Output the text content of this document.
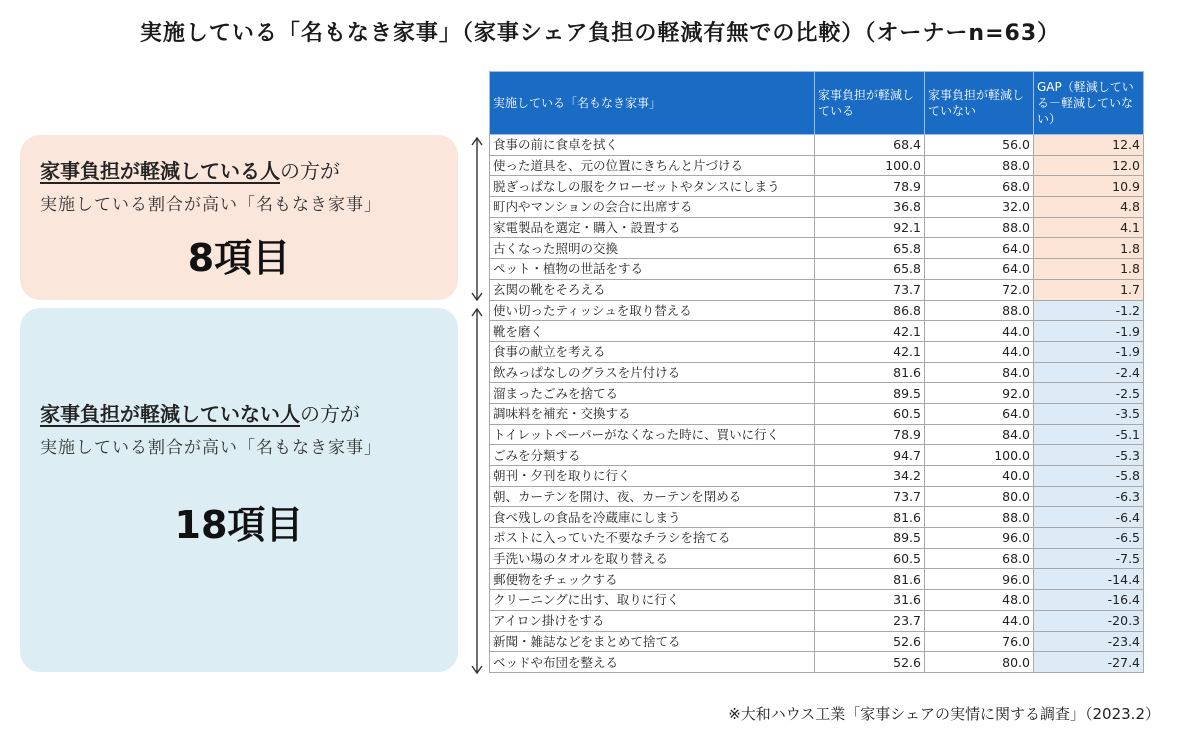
実施している「名もなき家事」（家事シェア負担の軽減有無での比較）（オーナーn=63）
家事負担が軽減している人の方が
実施している割合が高い「名もなき家事」
8項目
家事負担が軽減していない人の方が
実施している割合が高い「名もなき家事」
18項目
実施している「名もなき家事」	家事負担が軽減している	家事負担が軽減していない	GAP（軽減している－軽減していない）
食事の前に食卓を拭く	68.4	56.0	12.4
使った道具を、元の位置にきちんと片づける	100.0	88.0	12.0
脱ぎっぱなしの服をクローゼットやタンスにしまう	78.9	68.0	10.9
町内やマンションの会合に出席する	36.8	32.0	4.8
家電製品を選定・購入・設置する	92.1	88.0	4.1
古くなった照明の交換	65.8	64.0	1.8
ペット・植物の世話をする	65.8	64.0	1.8
玄関の靴をそろえる	73.7	72.0	1.7
使い切ったティッシュを取り替える	86.8	88.0	-1.2
靴を磨く	42.1	44.0	-1.9
食事の献立を考える	42.1	44.0	-1.9
飲みっぱなしのグラスを片付ける	81.6	84.0	-2.4
溜まったごみを捨てる	89.5	92.0	-2.5
調味料を補充・交換する	60.5	64.0	-3.5
トイレットペーパーがなくなった時に、買いに行く	78.9	84.0	-5.1
ごみを分類する	94.7	100.0	-5.3
朝刊・夕刊を取りに行く	34.2	40.0	-5.8
朝、カーテンを開け、夜、カーテンを閉める	73.7	80.0	-6.3
食べ残しの食品を冷蔵庫にしまう	81.6	88.0	-6.4
ポストに入っていた不要なチラシを捨てる	89.5	96.0	-6.5
手洗い場のタオルを取り替える	60.5	68.0	-7.5
郵便物をチェックする	81.6	96.0	-14.4
クリーニングに出す、取りに行く	31.6	48.0	-16.4
アイロン掛けをする	23.7	44.0	-20.3
新聞・雑誌などをまとめて捨てる	52.6	76.0	-23.4
ベッドや布団を整える	52.6	80.0	-27.4
※大和ハウス工業「家事シェアの実情に関する調査」（2023.2）
